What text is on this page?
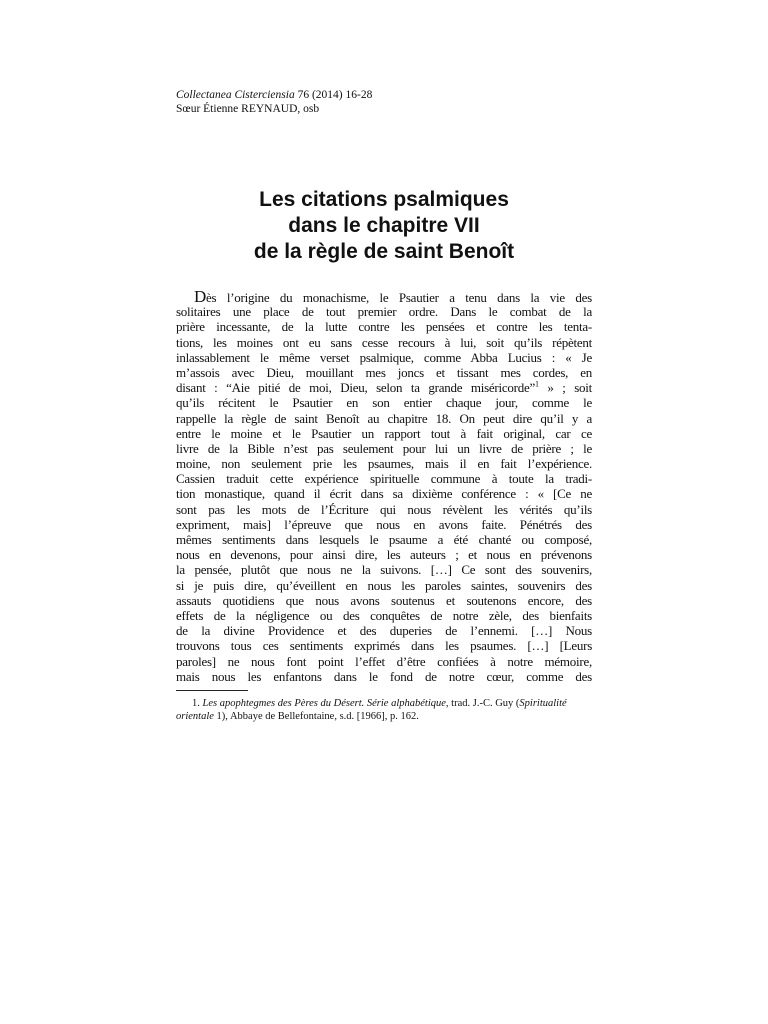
Collectanea Cisterciensia 76 (2014) 16-28
Sœur Étienne REYNAUD, osb
Les citations psalmiques
dans le chapitre VII
de la règle de saint Benoît
Dès l’origine du monachisme, le Psautier a tenu dans la vie des
solitaires une place de tout premier ordre. Dans le combat de la
prière incessante, de la lutte contre les pensées et contre les tenta-
tions, les moines ont eu sans cesse recours à lui, soit qu’ils répètent
inlassablement le même verset psalmique, comme Abba Lucius : « Je
m’assois avec Dieu, mouillant mes joncs et tissant mes cordes, en
disant : “Aie pitié de moi, Dieu, selon ta grande miséricorde”$^1$ » ; soit
qu’ils récitent le Psautier en son entier chaque jour, comme le
rappelle la règle de saint Benoît au chapitre 18. On peut dire qu’il y a
entre le moine et le Psautier un rapport tout à fait original, car ce
livre de la Bible n’est pas seulement pour lui un livre de prière ; le
moine, non seulement prie les psaumes, mais il en fait l’expérience.
Cassien traduit cette expérience spirituelle commune à toute la tradi-
tion monastique, quand il écrit dans sa dixième conférence : « [Ce ne
sont pas les mots de l’Écriture qui nous révèlent les vérités qu’ils
expriment, mais] l’épreuve que nous en avons faite. Pénétrés des
mêmes sentiments dans lesquels le psaume a été chanté ou composé,
nous en devenons, pour ainsi dire, les auteurs ; et nous en prévenons
la pensée, plutôt que nous ne la suivons. […] Ce sont des souvenirs,
si je puis dire, qu’éveillent en nous les paroles saintes, souvenirs des
assauts quotidiens que nous avons soutenus et soutenons encore, des
effets de la négligence ou des conquêtes de notre zèle, des bienfaits
de la divine Providence et des duperies de l’ennemi. […] Nous
trouvons tous ces sentiments exprimés dans les psaumes. […] [Leurs
paroles] ne nous font point l’effet d’être confiées à notre mémoire,
mais nous les enfantons dans le fond de notre cœur, comme des
1. Les apophtegmes des Pères du Désert. Série alphabétique, trad. J.-C. Guy (Spiritualité
orientale 1), Abbaye de Bellefontaine, s.d. [1966], p. 162.
